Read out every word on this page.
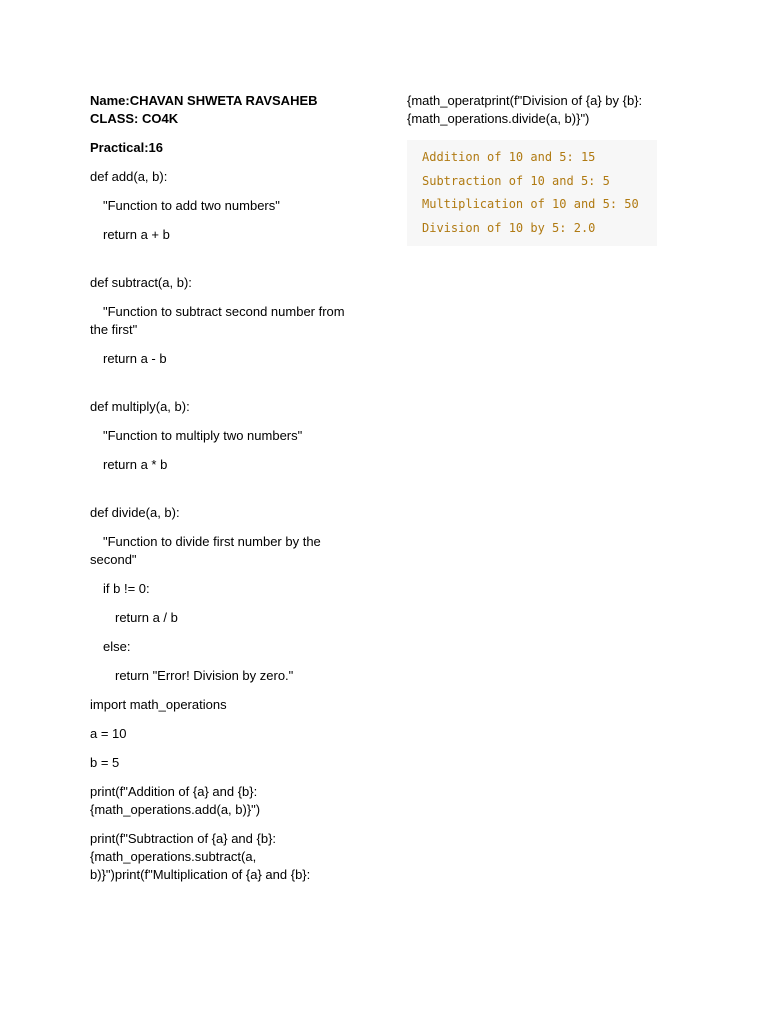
Name:CHAVAN SHWETA RAVSAHEB CLASS: CO4K

Practical:16

def add(a, b):

"Function to add two numbers"

return a + b

def subtract(a, b):

"Function to subtract second number from the first"

return a - b

def multiply(a, b):

"Function to multiply two numbers"

return a * b

def divide(a, b):

"Function to divide first number by the second"

if b != 0:

return a / b

else:

return "Error! Division by zero."

import math_operations

a = 10

b = 5

print(f"Addition of {a} and {b}: {math_operations.add(a, b)}")

print(f"Subtraction of {a} and {b}: {math_operations.subtract(a, b)}")print(f"Multiplication of {a} and {b}:

{math_operatprint(f"Division of {a} by {b}: {math_operations.divide(a, b)}")

Addition of 10 and 5: 15
Subtraction of 10 and 5: 5
Multiplication of 10 and 5: 50
Division of 10 by 5: 2.0
